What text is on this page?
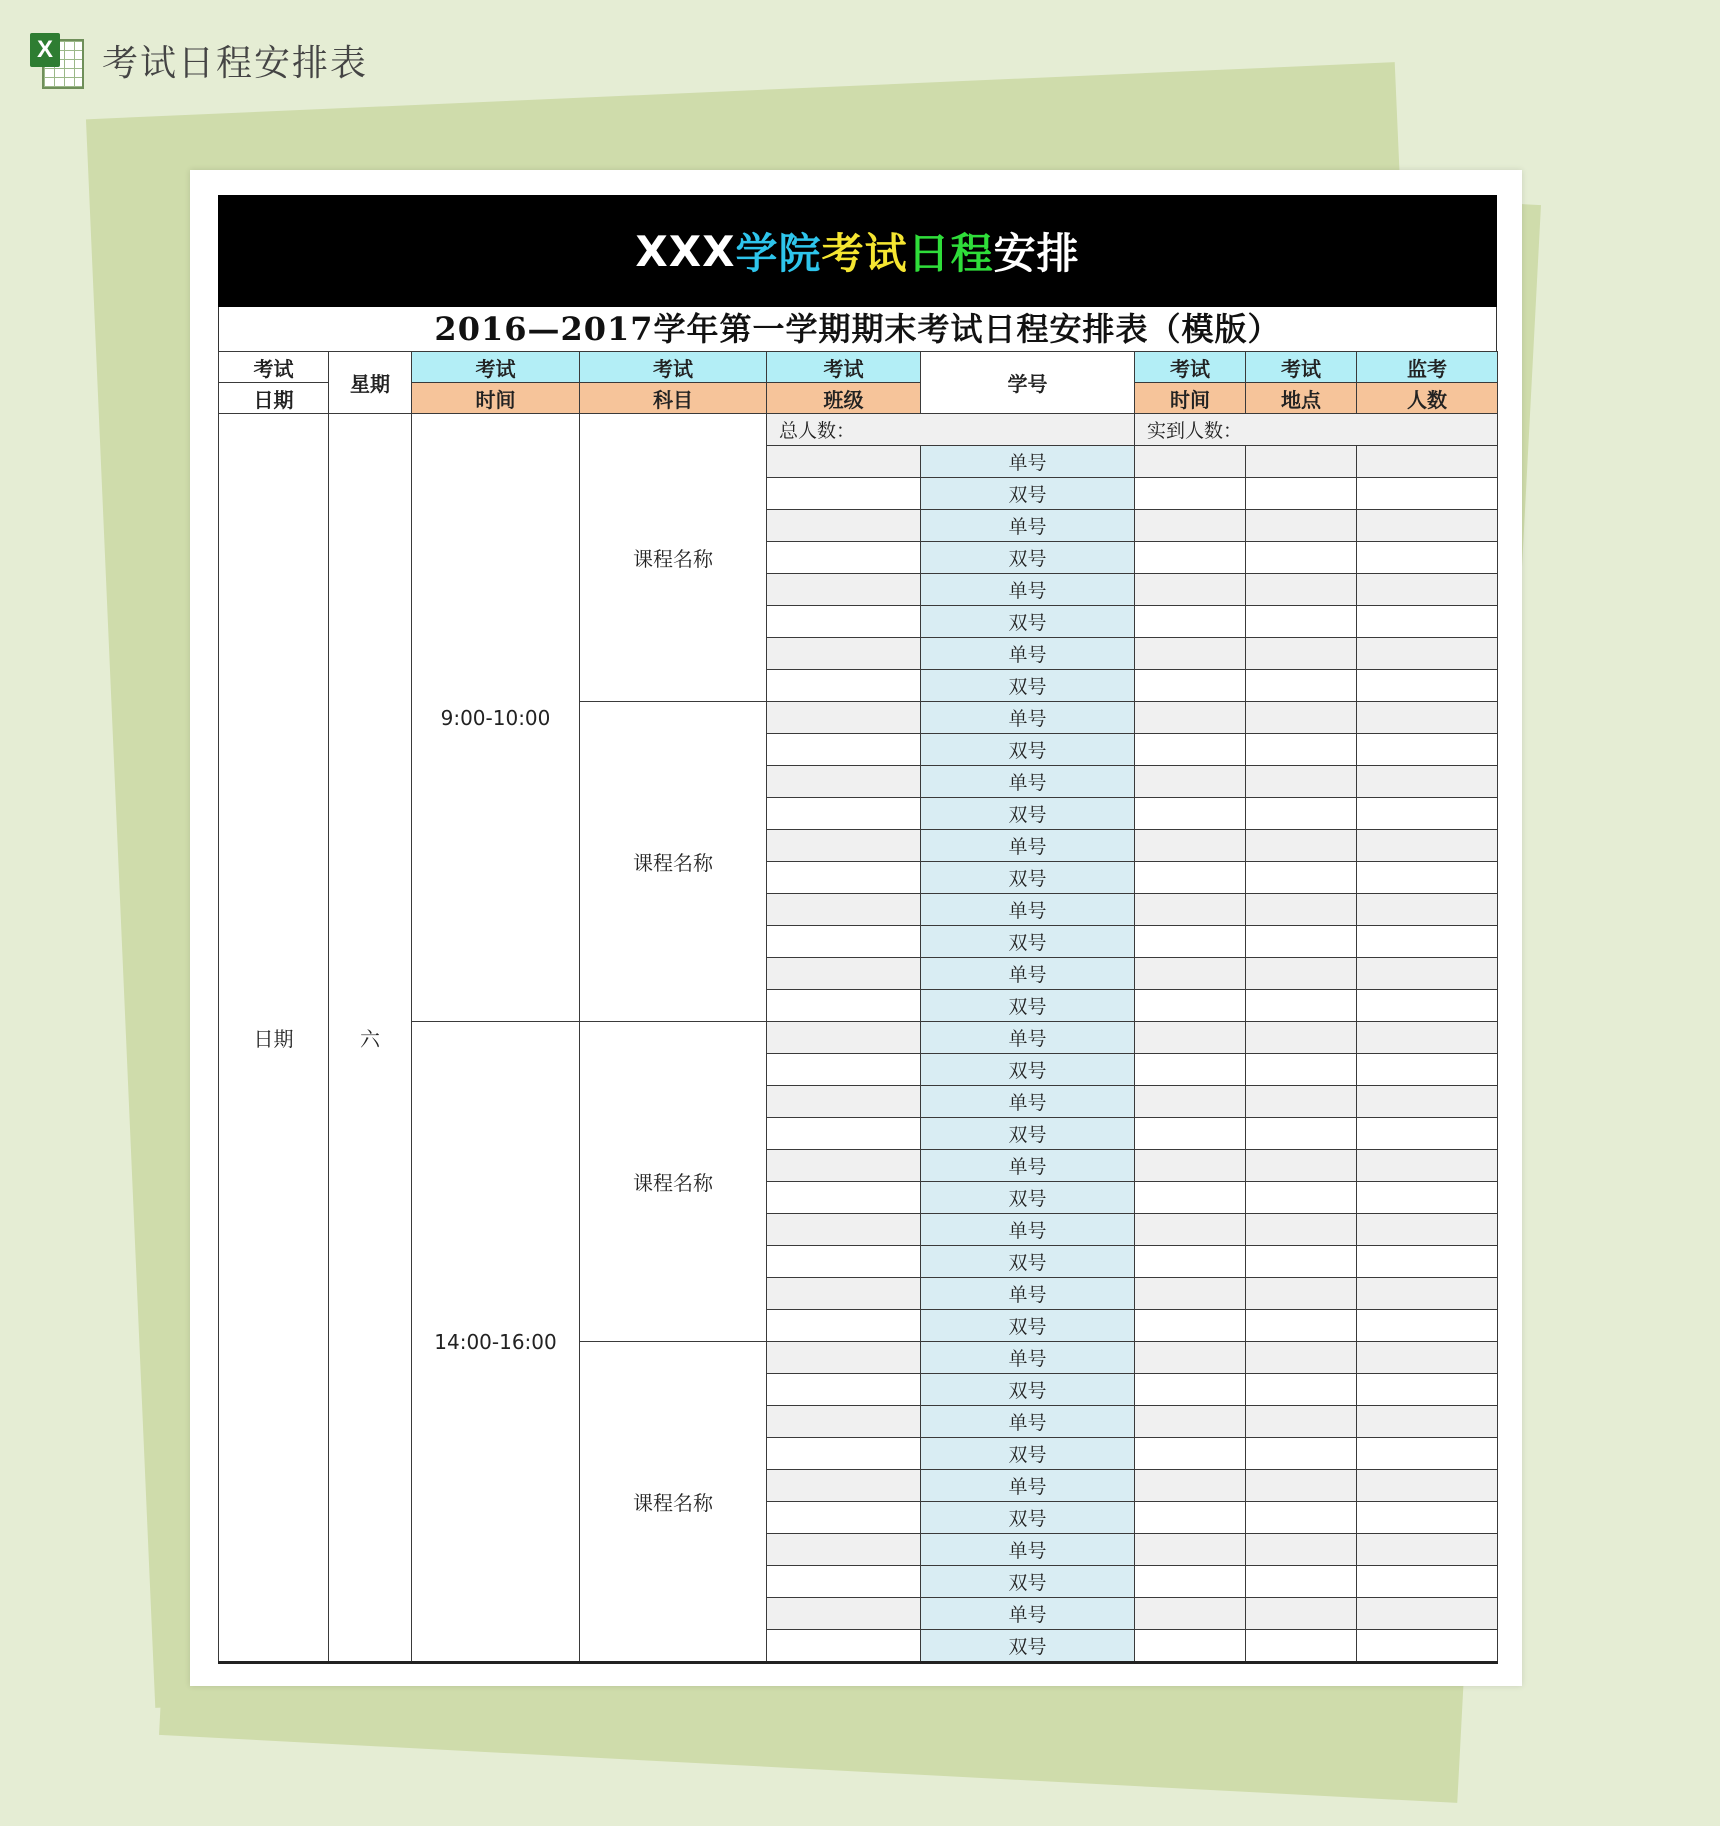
X 考试日程安排表
XXX 学院 考试 日程 安排
2016—2017学年第一学期期末考试日程安排表（模版）
考试	星期	考试	考试	考试	学号	考试	考试	监考
日期		时间	科目	班级		时间	地点	人数
日期	六	9:00-10:00	课程名称	总人数：		实到人数：		
					单号			
					双号			
					单号			
					双号			
					单号			
					双号			
					单号			
					双号			
			课程名称		单号			
					双号			
					单号			
					双号			
					单号			
					双号			
					单号			
					双号			
					单号			
					双号			
		14:00-16:00	课程名称		单号			
					双号			
					单号			
					双号			
					单号			
					双号			
					单号			
					双号			
					单号			
					双号			
			课程名称		单号			
					双号			
					单号			
					双号			
					单号			
					双号			
					单号			
					双号			
					单号			
					双号			
